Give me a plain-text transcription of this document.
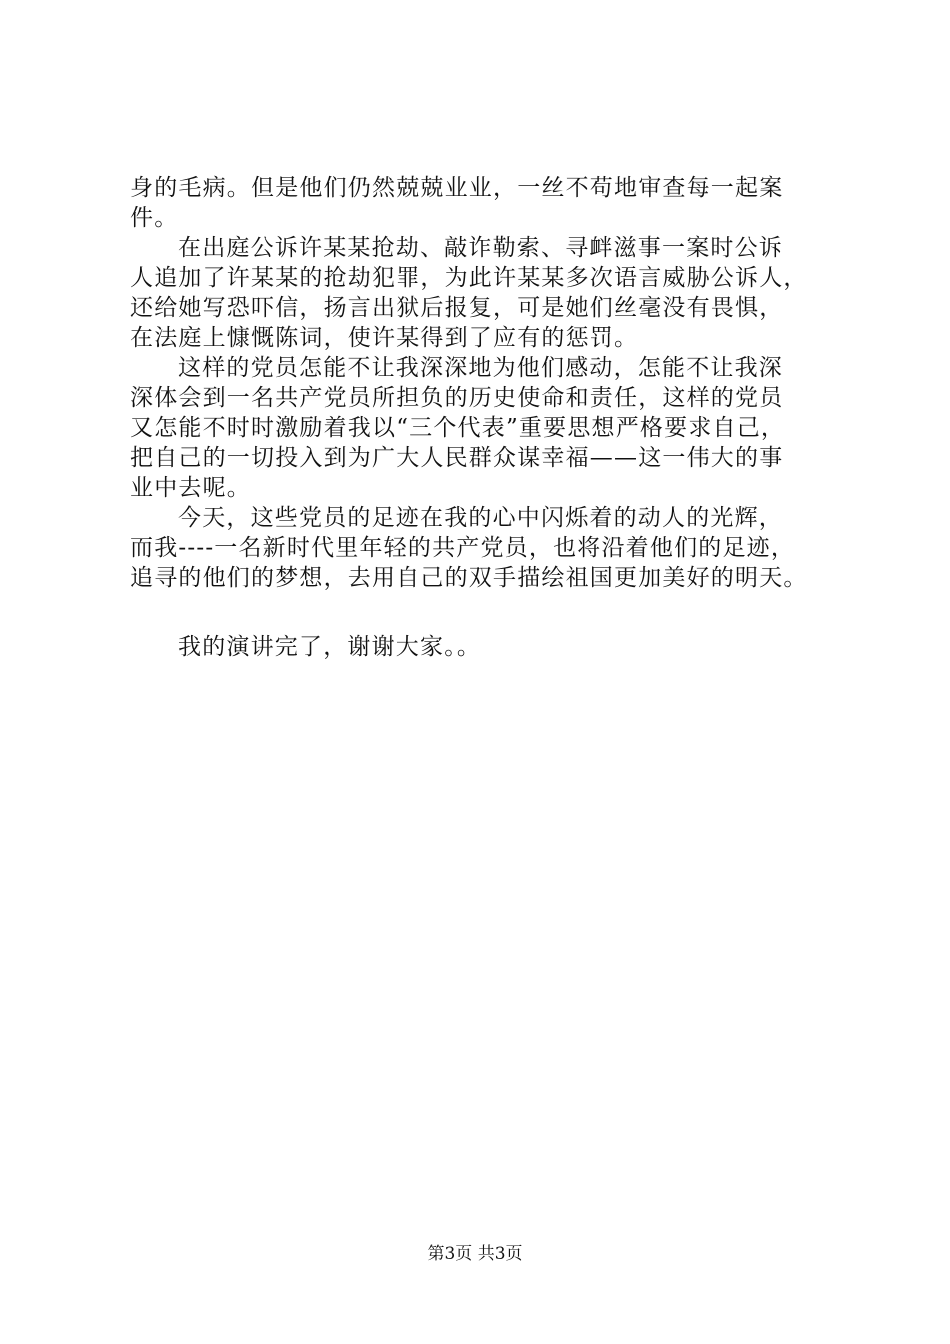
身的毛病。但是他们仍然兢兢业业，一丝不苟地审查每一起案
件。
在出庭公诉许某某抢劫、敲诈勒索、寻衅滋事一案时公诉
人追加了许某某的抢劫犯罪，为此许某某多次语言威胁公诉人，
还给她写恐吓信，扬言出狱后报复，可是她们丝毫没有畏惧，
在法庭上慷慨陈词，使许某得到了应有的惩罚。
这样的党员怎能不让我深深地为他们感动，怎能不让我深
深体会到一名共产党员所担负的历史使命和责任，这样的党员
又怎能不时时激励着我以“三个代表”重要思想严格要求自己，
把自己的一切投入到为广大人民群众谋幸福——这一伟大的事
业中去呢。
今天，这些党员的足迹在我的心中闪烁着的动人的光辉，
而我----一名新时代里年轻的共产党员，也将沿着他们的足迹，
追寻的他们的梦想，去用自己的双手描绘祖国更加美好的明天。
我的演讲完了，谢谢大家。。
第3页 共3页
